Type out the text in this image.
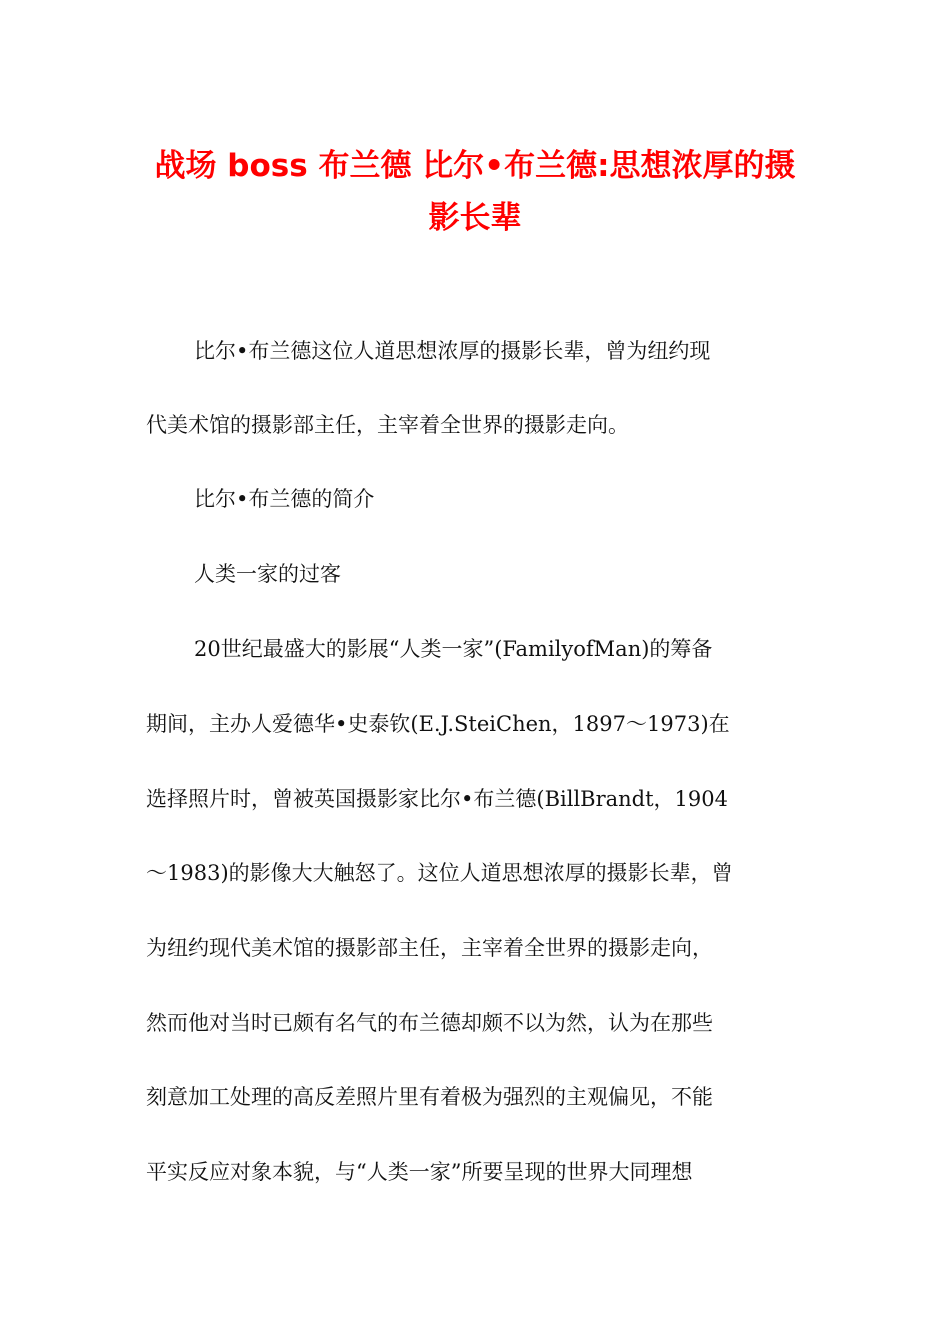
战场 boss 布兰德 比尔•布兰德:思想浓厚的摄
影长辈
比尔•布兰德这位人道思想浓厚的摄影长辈，曾为纽约现
代美术馆的摄影部主任，主宰着全世界的摄影走向。
比尔•布兰德的简介
人类一家的过客
20世纪最盛大的影展“人类一家”(FamilyofMan)的筹备
期间，主办人爱德华•史泰钦(E.J.SteiChen，1897～1973)在
选择照片时，曾被英国摄影家比尔•布兰德(BillBrandt，1904
～1983)的影像大大触怒了。这位人道思想浓厚的摄影长辈，曾
为纽约现代美术馆的摄影部主任，主宰着全世界的摄影走向，
然而他对当时已颇有名气的布兰德却颇不以为然，认为在那些
刻意加工处理的高反差照片里有着极为强烈的主观偏见，不能
平实反应对象本貌，与“人类一家”所要呈现的世界大同理想
